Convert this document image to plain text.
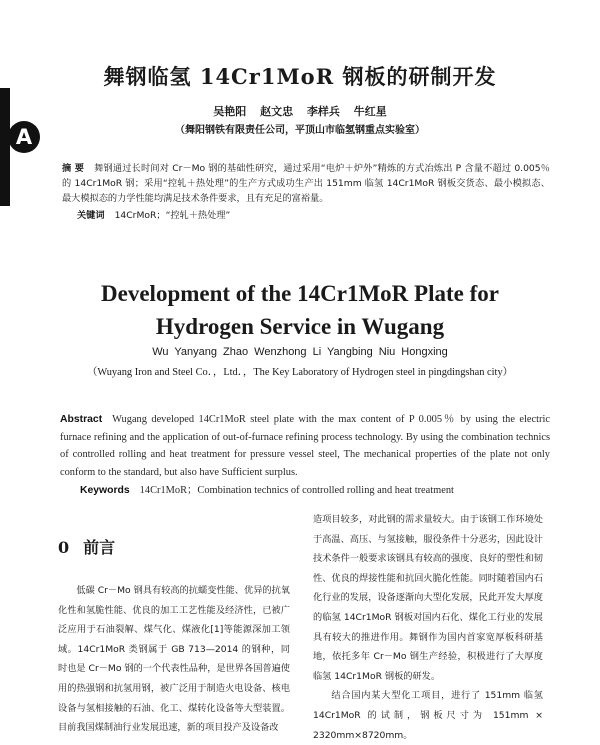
A
舞钢临氢 14Cr1MoR 钢板的研制开发
吴艳阳 赵文忠 李样兵 牛红星
（舞阳钢铁有限责任公司，平顶山市临氢钢重点实验室）

摘 要 舞钢通过长时间对 Cr－Mo 钢的基础性研究，通过采用“电炉＋炉外”精炼的方式冶炼出 P 含量不超过 0.005％ 的 14Cr1MoR 钢；采用“控轧＋热处理”的生产方式成功生产出 151mm 临氢 14Cr1MoR 钢板交货态、最小模拟态、最大模拟态的力学性能均满足技术条件要求，且有充足的富裕量。

关键词 14CrMoR；“控轧＋热处理”
Development of the 14Cr1MoR Plate for
Hydrogen Service in Wugang
Wu Yanyang Zhao Wenzhong Li Yangbing Niu Hongxing
（Wuyang Iron and Steel Co．，Ltd．，The Key Laboratory of Hydrogen steel in pingdingshan city）

Abstract Wugang developed 14Cr1MoR steel plate with the max content of P 0.005％ by using the electric furnace refining and the application of out-of-furnace refining process technology. By using the combination technics of controlled rolling and heat treatment for pressure vessel steel, The mechanical properties of the plate not only conform to the standard, but also have Sufficient surplus.

Keywords 14Cr1MoR；Combination technics of controlled rolling and heat treatment
0 前言

低碳 Cr－Mo 钢具有较高的抗蠕变性能、优异的抗氧化性和氢脆性能、优良的加工工艺性能及经济性，已被广泛应用于石油裂解、煤气化、煤液化[1]等能源深加工领域。14Cr1MoR 类钢属于 GB 713—2014 的钢种，同时也是 Cr－Mo 钢的一个代表性品种，是世界各国普遍使用的热强钢和抗氢用钢，被广泛用于制造火电设备、核电设备与氢相接触的石油、化工、煤转化设备等大型装置。目前我国煤制油行业发展迅速，新的项目投产及设备改

造项目较多，对此钢的需求量较大。由于该钢工作环境处于高温、高压、与氢接触，服役条件十分恶劣，因此设计技术条件一般要求该钢具有较高的强度、良好的塑性和韧性、优良的焊接性能和抗回火脆化性能。同时随着国内石化行业的发展，设备逐渐向大型化发展，民此开发大厚度的临氢 14Cr1MoR 钢板对国内石化、煤化工行业的发展具有较大的推进作用。舞钢作为国内首家宽厚板科研基地，依托多年 Cr－Mo 钢生产经验，积极进行了大厚度临氢 14Cr1MoR 钢板的研发。

结合国内某大型化工项目，进行了 151mm 临氢 14Cr1MoR 的试制，钢板尺寸为 151mm × 2320mm×8720mm。
